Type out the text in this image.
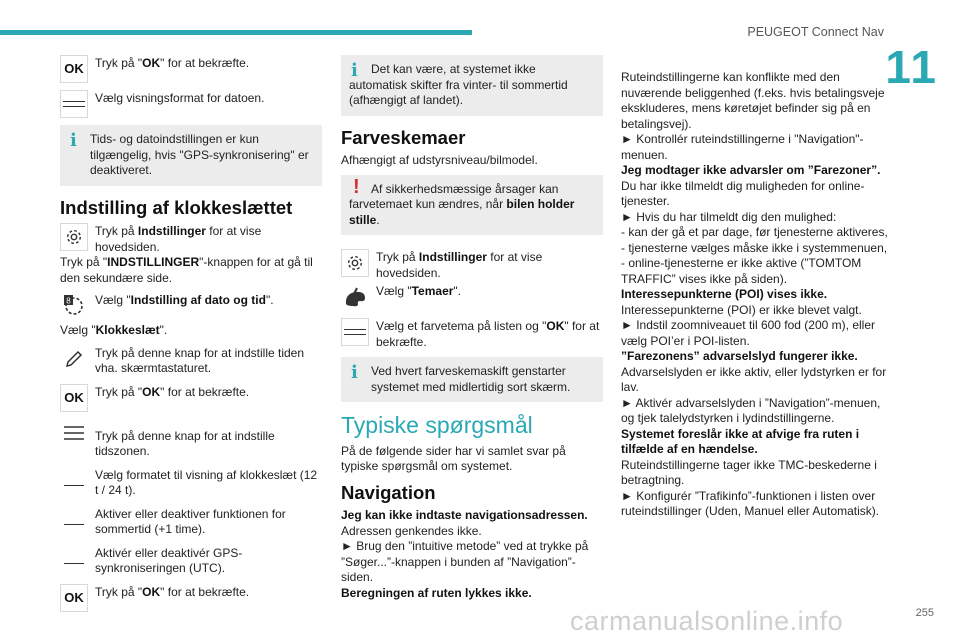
PEUGEOT Connect Nav
11
OK Tryk på "OK" for at bekræfte.
Vælg visningsformat for datoen.
i	Tids- og datoindstillingen er kun tilgængelig, hvis "GPS-synkronisering" er deaktiveret.
Indstilling af klokkeslættet
Tryk på Indstillinger for at vise hovedsiden.
Tryk på "INDSTILLINGER"-knappen for at gå til den sekundære side.
8 Vælg "Indstilling af dato og tid".
Vælg "Klokkeslæt".
Tryk på denne knap for at indstille tiden vha. skærmtastaturet.
OK Tryk på "OK" for at bekræfte.
Tryk på denne knap for at indstille tidszonen.
Vælg formatet til visning af klokkeslæt (12 t / 24 t).
Aktiver eller deaktiver funktionen for sommertid (+1 time).
Aktivér eller deaktivér GPS-synkroniseringen (UTC).
OK Tryk på "OK" for at bekræfte.
i	Det kan være, at systemet ikke automatisk skifter fra vinter- til sommertid (afhængigt af landet).
Farveskemaer
Afhængigt af udstyrsniveau/bilmodel.
! Af sikkerhedsmæssige årsager kan farvetemaet kun ændres, når bilen holder stille.
Tryk på Indstillinger for at vise hovedsiden.
Vælg "Temaer".
Vælg et farvetema på listen og "OK" for at bekræfte.
i	Ved hvert farveskemaskift genstarter systemet med midlertidig sort skærm.
Typiske spørgsmål
På de følgende sider har vi samlet svar på typiske spørgsmål om systemet.
Navigation
Jeg kan ikke indtaste navigationsadressen.
Adressen genkendes ikke.
► Brug den ”intuitive metode” ved at trykke på ”Søger...”-knappen i bunden af ”Navigation”-siden.
Beregningen af ruten lykkes ikke.
Ruteindstillingerne kan konflikte med den nuværende beliggenhed (f.eks. hvis betalingsveje ekskluderes, mens køretøjet befinder sig på en betalingsvej).
► Kontrollér ruteindstillingerne i "Navigation"-menuen.
Jeg modtager ikke advarsler om ”Farezoner”.
Du har ikke tilmeldt dig muligheden for online-tjenester.
► Hvis du har tilmeldt dig den mulighed:
- kan der gå et par dage, før tjenesterne aktiveres,
- tjenesterne vælges måske ikke i systemmenuen,
- online-tjenesterne er ikke aktive (”TOMTOM TRAFFIC” vises ikke på siden).
Interessepunkterne (POI) vises ikke.
Interessepunkterne (POI) er ikke blevet valgt.
► Indstil zoomniveauet til 600 fod (200 m), eller vælg POI’er i POI-listen.
”Farezonens” advarselslyd fungerer ikke.
Advarselslyden er ikke aktiv, eller lydstyrken er for lav.
► Aktivér advarselslyden i ”Navigation”-menuen, og tjek talelydstyrken i lydindstillingerne.
Systemet foreslår ikke at afvige fra ruten i tilfælde af en hændelse.
Ruteindstillingerne tager ikke TMC-beskederne i betragtning.
► Konfigurér ”Trafikinfo”-funktionen i listen over ruteindstillinger (Uden, Manuel eller Automatisk).
carmanualsonline.info	255
